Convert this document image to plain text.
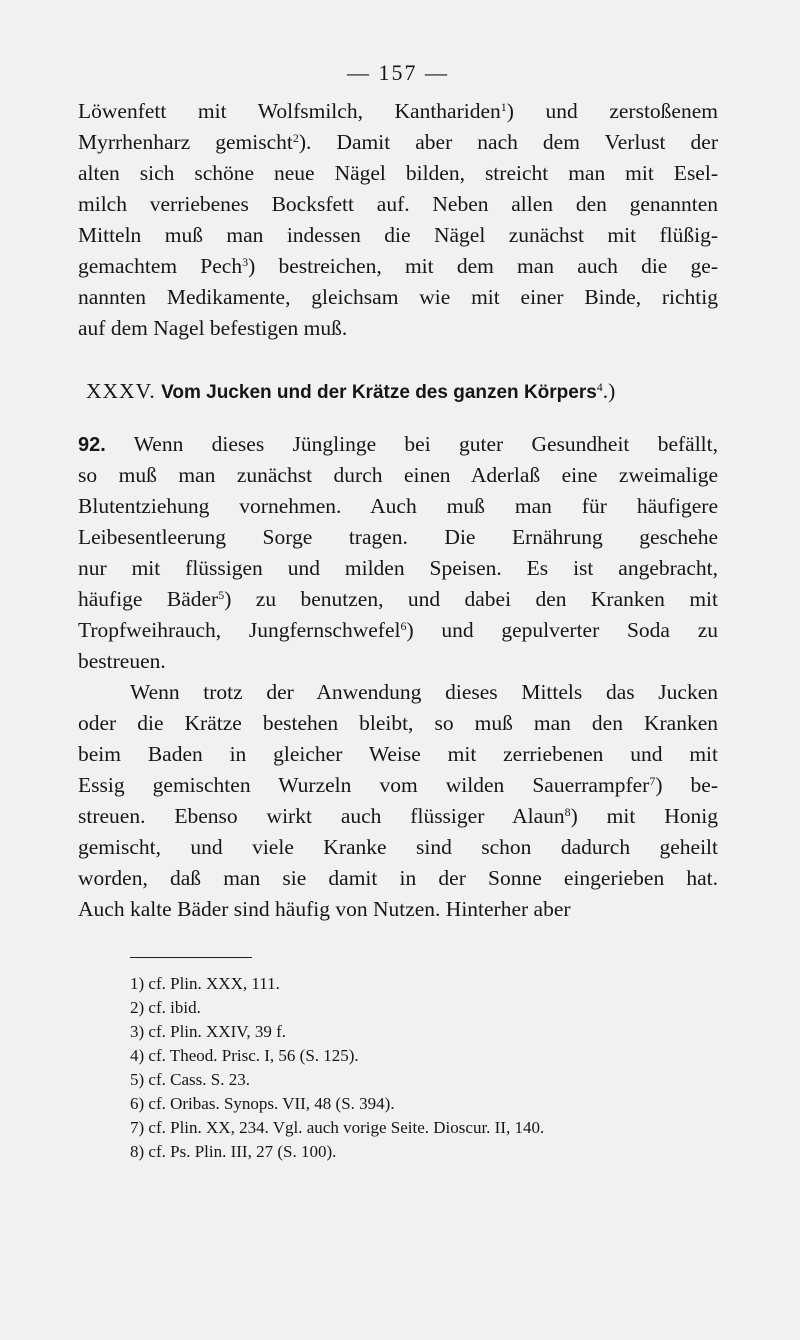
— 157 —
Löwenfett mit Wolfsmilch, Kanthariden$^1$) und zerstoßenem
Myrrhenharz gemischt$^2$). Damit aber nach dem Verlust der
alten sich schöne neue Nägel bilden, streicht man mit Esel-
milch verriebenes Bocksfett auf. Neben allen den genannten
Mitteln muß man indessen die Nägel zunächst mit flüßig-
gemachtem Pech$^3$) bestreichen, mit dem man auch die ge-
nannten Medikamente, gleichsam wie mit einer Binde, richtig
auf dem Nagel befestigen muß.
XXXV. Vom Jucken und der Krätze des ganzen Körpers$^4$.)
92. Wenn dieses Jünglinge bei guter Gesundheit befällt,
so muß man zunächst durch einen Aderlaß eine zweimalige
Blutentziehung vornehmen. Auch muß man für häufigere
Leibesentleerung Sorge tragen. Die Ernährung geschehe
nur mit flüssigen und milden Speisen. Es ist angebracht,
häufige Bäder$^5$) zu benutzen, und dabei den Kranken mit
Tropfweihrauch, Jungfernschwefel$^6$) und gepulverter Soda zu
bestreuen.
Wenn trotz der Anwendung dieses Mittels das Jucken
oder die Krätze bestehen bleibt, so muß man den Kranken
beim Baden in gleicher Weise mit zerriebenen und mit
Essig gemischten Wurzeln vom wilden Sauerrampfer$^7$) be-
streuen. Ebenso wirkt auch flüssiger Alaun$^8$) mit Honig
gemischt, und viele Kranke sind schon dadurch geheilt
worden, daß man sie damit in der Sonne eingerieben hat.
Auch kalte Bäder sind häufig von Nutzen. Hinterher aber
1) cf. Plin. XXX, 111.
2) cf. ibid.
3) cf. Plin. XXIV, 39 f.
4) cf. Theod. Prisc. I, 56 (S. 125).
5) cf. Cass. S. 23.
6) cf. Oribas. Synops. VII, 48 (S. 394).
7) cf. Plin. XX, 234. Vgl. auch vorige Seite. Dioscur. II, 140.
8) cf. Ps. Plin. III, 27 (S. 100).
